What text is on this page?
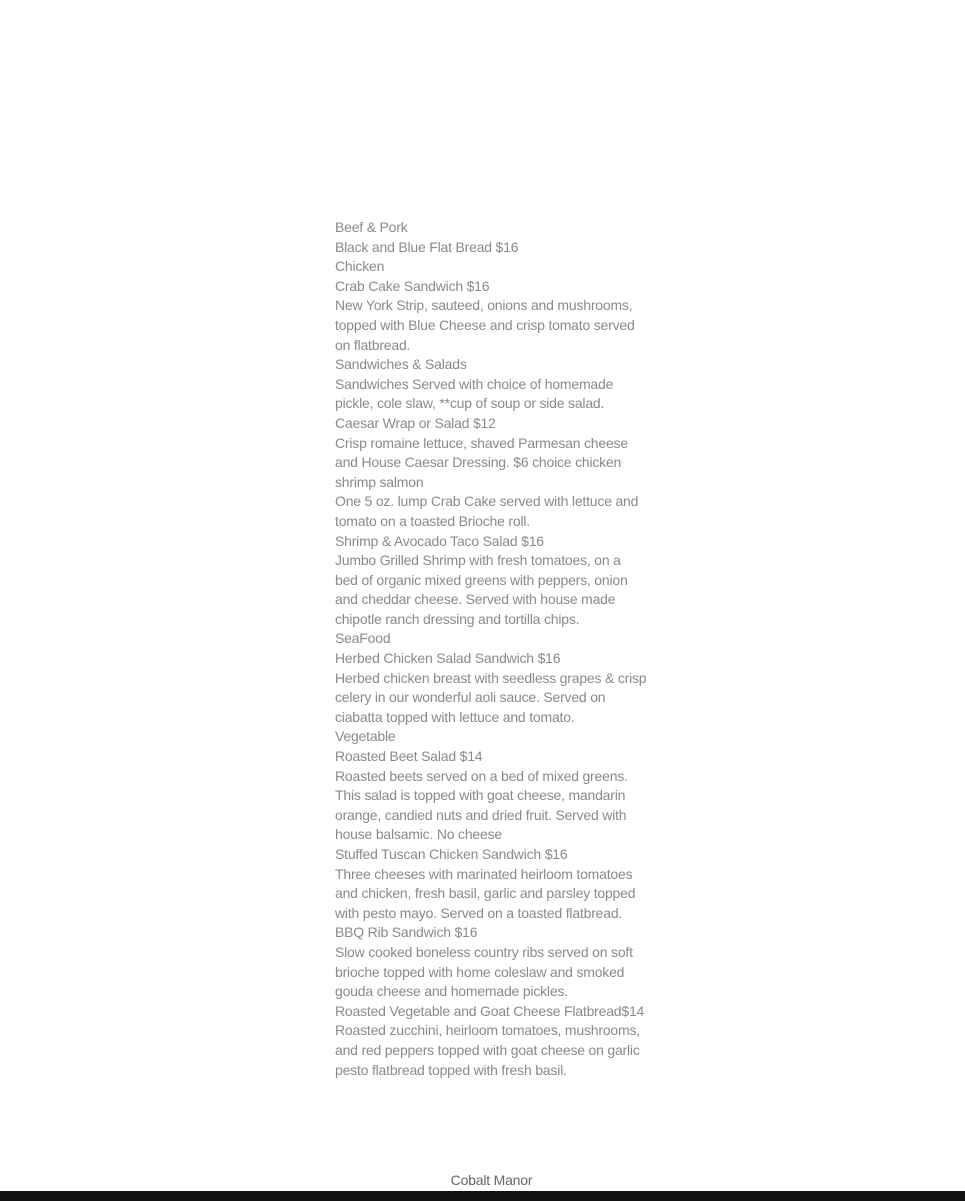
Beef & Pork

Black and Blue Flat Bread $16

Chicken

Crab Cake Sandwich $16

New York Strip, sauteed, onions and mushrooms, topped with Blue Cheese and crisp tomato served on flatbread.

Sandwiches & Salads

Sandwiches Served with choice of homemade pickle, cole slaw, **cup of soup or side salad.

Caesar Wrap or Salad $12

Crisp romaine lettuce, shaved Parmesan cheese and House Caesar Dressing. $6 choice chicken shrimp salmon

One 5 oz. lump Crab Cake served with lettuce and tomato on a toasted Brioche roll.

Shrimp & Avocado Taco Salad $16

Jumbo Grilled Shrimp with fresh tomatoes, on a bed of organic mixed greens with peppers, onion and cheddar cheese. Served with house made chipotle ranch dressing and tortilla chips.

SeaFood

Herbed Chicken Salad Sandwich $16

Herbed chicken breast with seedless grapes & crisp celery in our wonderful aoli sauce. Served on ciabatta topped with lettuce and tomato.

Vegetable

Roasted Beet Salad $14

Roasted beets served on a bed of mixed greens. This salad is topped with goat cheese, mandarin orange, candied nuts and dried fruit. Served with house balsamic. No cheese

Stuffed Tuscan Chicken Sandwich $16

Three cheeses with marinated heirloom tomatoes and chicken, fresh basil, garlic and parsley topped with pesto mayo. Served on a toasted flatbread.

BBQ Rib Sandwich $16

Slow cooked boneless country ribs served on soft brioche topped with home coleslaw and smoked gouda cheese and homemade pickles.

Roasted Vegetable and Goat Cheese Flatbread$14

Roasted zucchini, heirloom tomatoes, mushrooms, and red peppers topped with goat cheese on garlic pesto flatbread topped with fresh basil.

Cobalt Manor
